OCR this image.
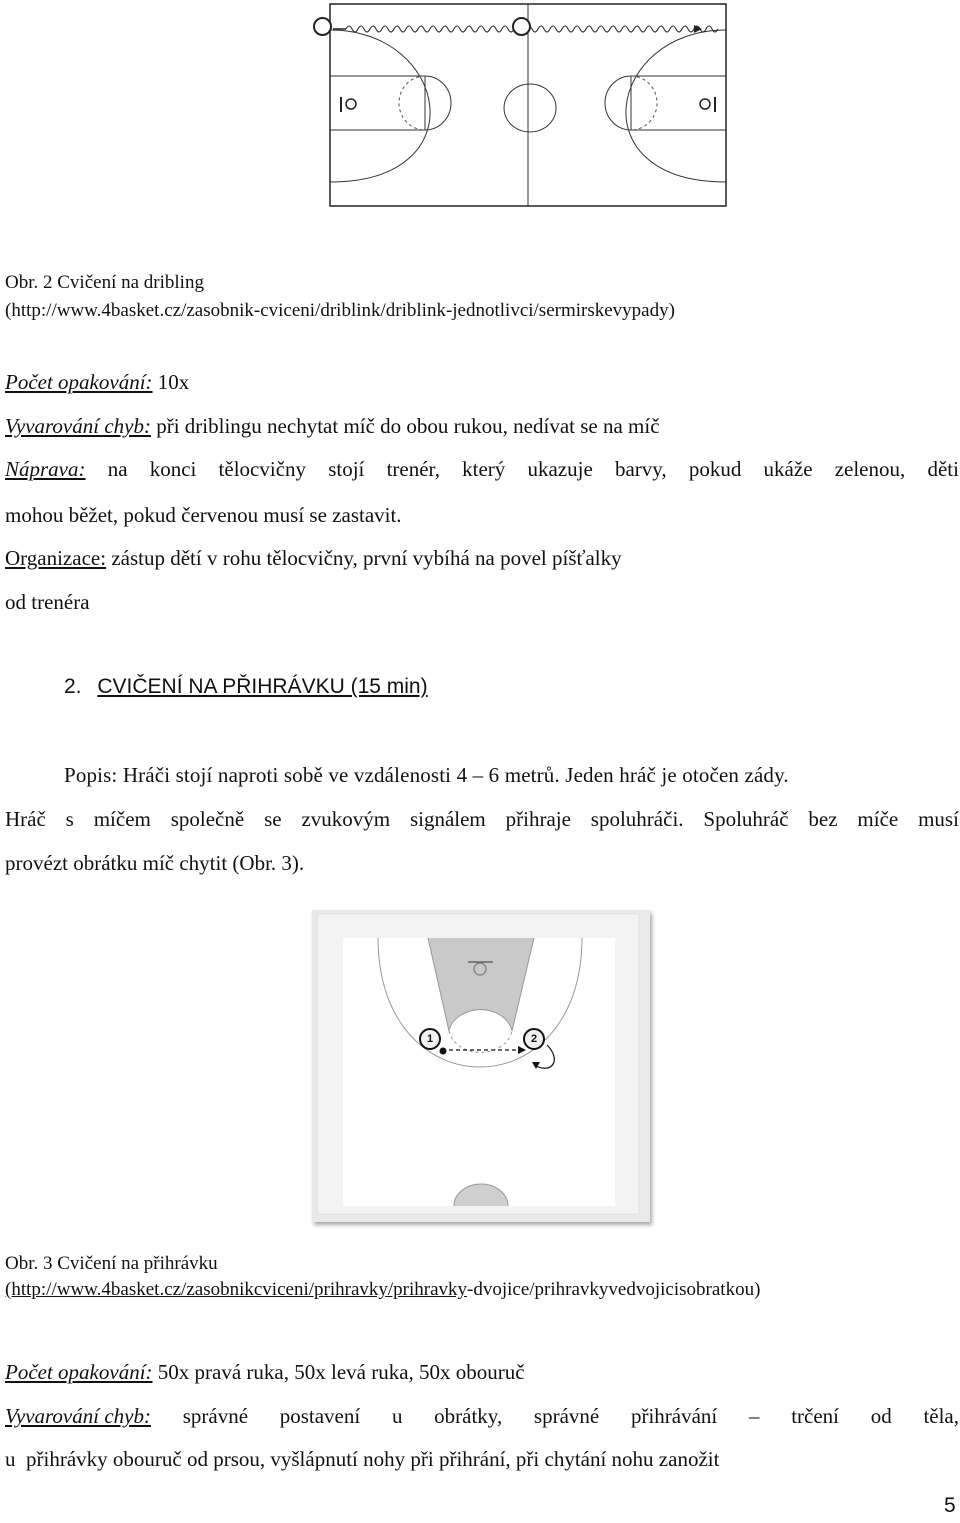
Obr. 2 Cvičení na dribling
(http://www.4basket.cz/zasobnik-cviceni/driblink/driblink-jednotlivci/sermirskevypady)
Počet opakování: 10x
Vyvarování chyb: při driblingu nechytat míč do obou rukou, nedívat se na míč
Náprava: na konci tělocvičny stojí trenér, který ukazuje barvy, pokud ukáže zelenou, děti
mohou běžet, pokud červenou musí se zastavit.
Organizace: zástup dětí v rohu tělocvičny, první vybíhá na povel píšťalky
od trenéra
2. CVIČENÍ NA PŘIHRÁVKU (15 min)
Popis: Hráči stojí naproti sobě ve vzdálenosti 4 – 6 metrů. Jeden hráč je otočen zády.
Hráč s míčem společně se zvukovým signálem přihraje spoluhráči. Spoluhráč bez míče musí
provézt obrátku míč chytit (Obr. 3).
1	2
Obr. 3 Cvičení na přihrávku
(http://www.4basket.cz/zasobnikcviceni/prihravky/prihravky-dvojice/prihravkyvedvojicisobratkou)
Počet opakování: 50x pravá ruka, 50x levá ruka, 50x obouruč
Vyvarování chyb: správné postavení u obrátky, správné přihrávání – trčení od těla,
u  přihrávky obouruč od prsou, vyšlápnutí nohy při přihrání, při chytání nohu zanožit
5
